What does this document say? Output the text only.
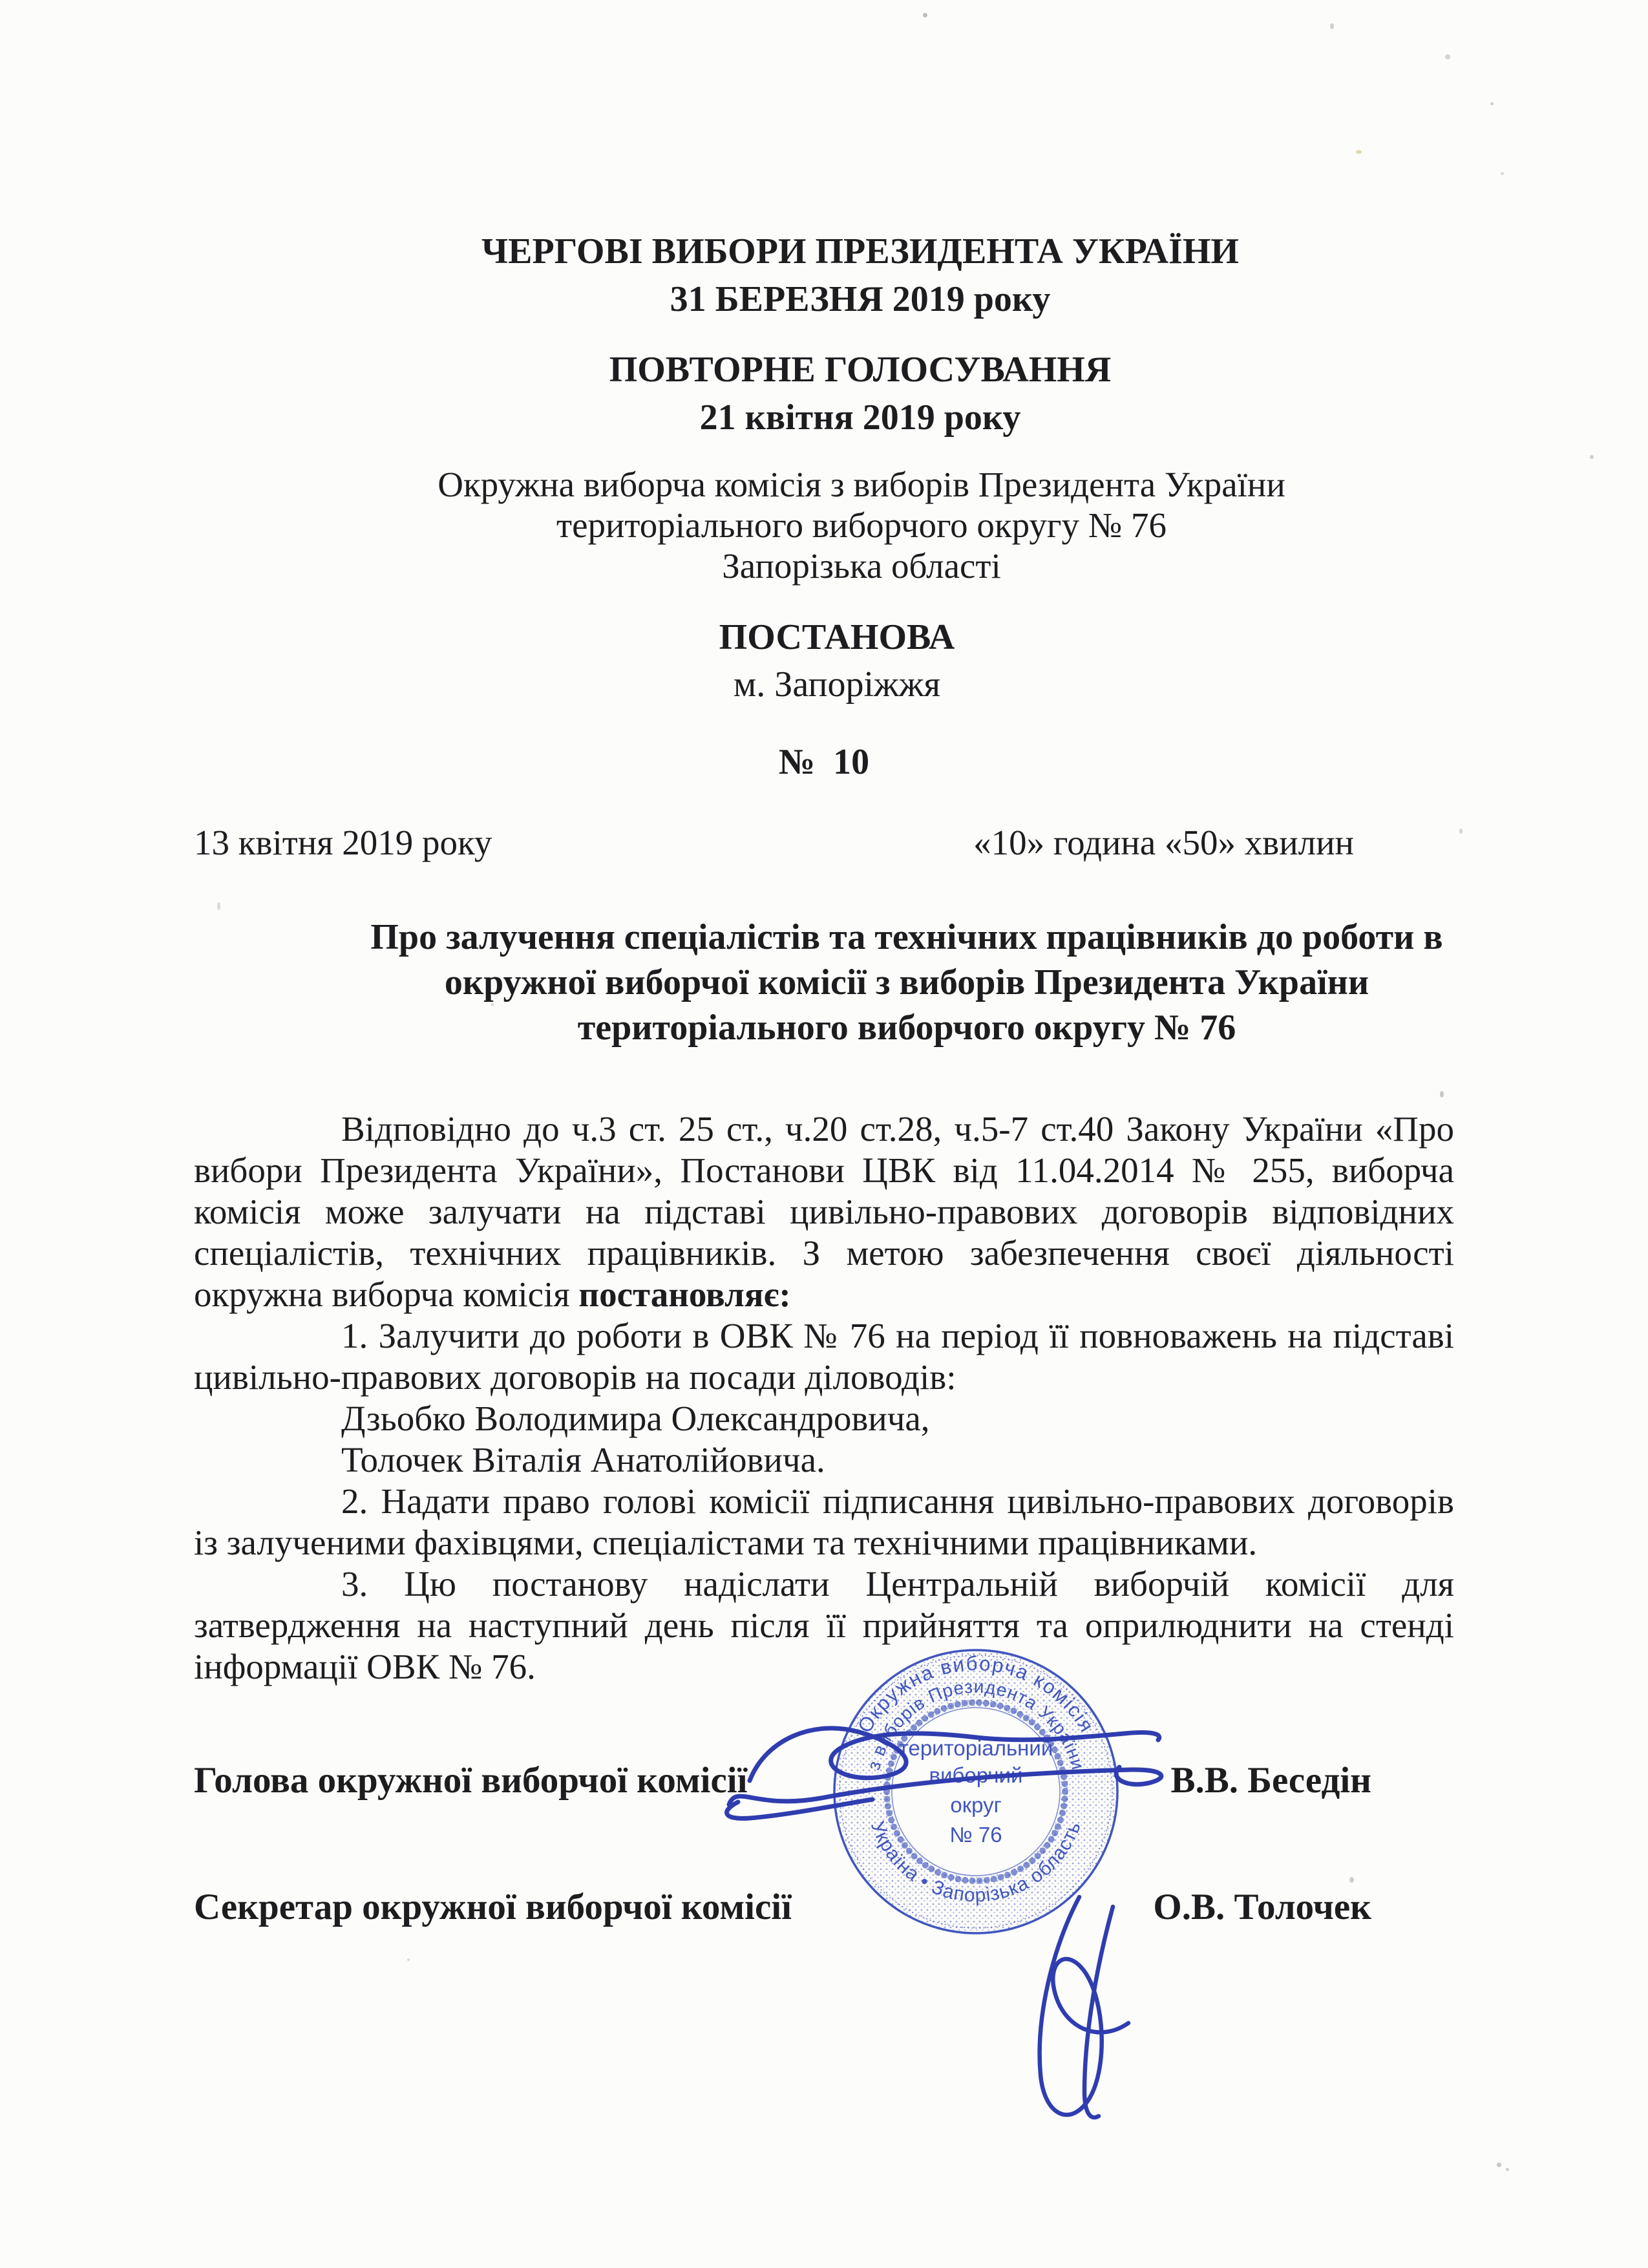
ЧЕРГОВІ ВИБОРИ ПРЕЗИДЕНТА УКРАЇНИ
31 БЕРЕЗНЯ 2019 року
ПОВТОРНЕ ГОЛОСУВАННЯ
21 квітня 2019 року
Окружна виборча комісія з виборів Президента України
територіального виборчого округу № 76
Запорізька області
ПОСТАНОВА
м. Запоріжжя
№  10
13 квітня 2019 року	«10» година «50» хвилин
Про залучення спеціалістів та технічних працівників до роботи в
окружної виборчої комісії з виборів Президента України
територіального виборчого округу № 76

Відповідно до ч.3 ст. 25 ст., ч.20 ст.28, ч.5-7 ст.40 Закону України «Про вибори Президента України», Постанови ЦВК від 11.04.2014 № 255, виборча комісія може залучати на підставі цивільно-правових договорів відповідних спеціалістів, технічних працівників. З метою забезпечення своєї діяльності окружна виборча комісія постановляє:

1. Залучити до роботи в ОВК № 76 на період її повноважень на підставі цивільно-правових договорів на посади діловодів:

Дзьобко Володимира Олександровича,

Толочек Віталія Анатолійовича.

2. Надати право голові комісії підписання цивільно-правових договорів із залученими фахівцями, спеціалістами та технічними працівниками.

3. Цю постанову надіслати Центральній виборчій комісії для затвердження на наступний день після її прийняття та оприлюднити на стенді інформації ОВК № 76.

Голова окружної виборчої комісії	В.В. Беседін
Секретар окружної виборчої комісії	О.В. Толочек
Окружна виборча комісія
з виборів Президента України
Україна • Запорізька область
територіальний
виборчий
округ
№ 76
